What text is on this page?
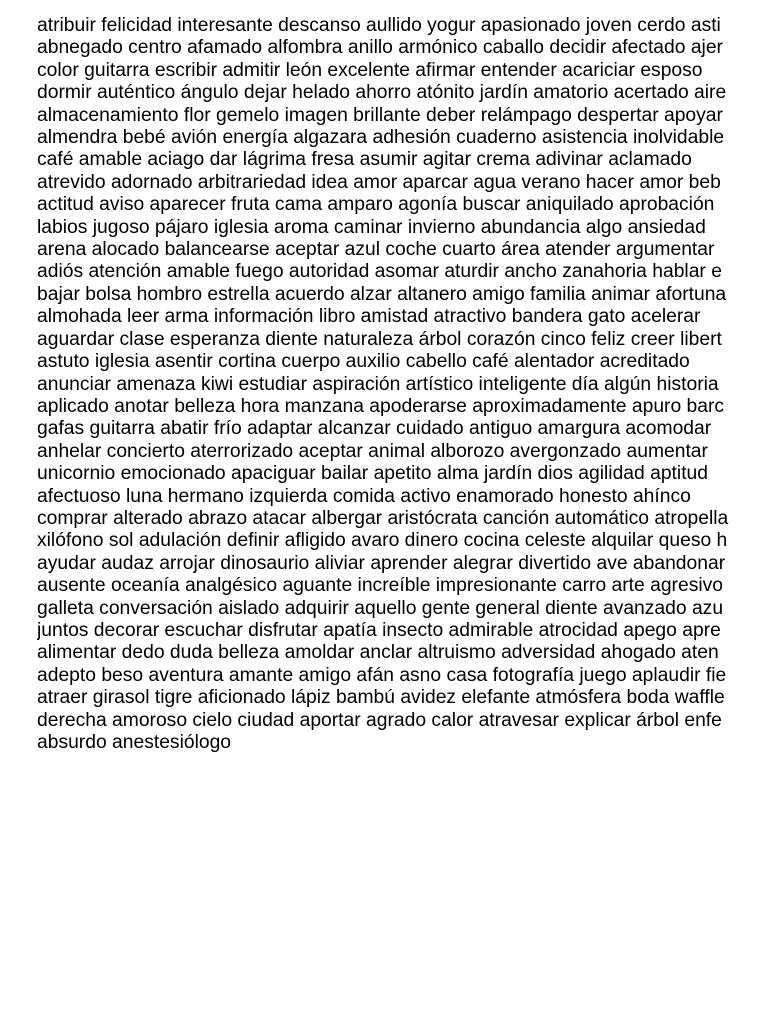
atribuir felicidad interesante descanso aullido yogur apasionado joven cerdo asti
abnegado centro afamado alfombra anillo armónico caballo decidir afectado ajer
color guitarra escribir admitir león excelente afirmar entender acariciar esposo
dormir auténtico ángulo dejar helado ahorro atónito jardín amatorio acertado aire
almacenamiento flor gemelo imagen brillante deber relámpago despertar apoyar
almendra bebé avión energía algazara adhesión cuaderno asistencia inolvidable
café amable aciago dar lágrima fresa asumir agitar crema adivinar aclamado
atrevido adornado arbitrariedad idea amor aparcar agua verano hacer amor beb
actitud aviso aparecer fruta cama amparo agonía buscar aniquilado aprobación
labios jugoso pájaro iglesia aroma caminar invierno abundancia algo ansiedad
arena alocado balancearse aceptar azul coche cuarto área atender argumentar
adiós atención amable fuego autoridad asomar aturdir ancho zanahoria hablar e
bajar bolsa hombro estrella acuerdo alzar altanero amigo familia animar afortuna
almohada leer arma información libro amistad atractivo bandera gato acelerar
aguardar clase esperanza diente naturaleza árbol corazón cinco feliz creer libert
astuto iglesia asentir cortina cuerpo auxilio cabello café alentador acreditado
anunciar amenaza kiwi estudiar aspiración artístico inteligente día algún historia
aplicado anotar belleza hora manzana apoderarse aproximadamente apuro barc
gafas guitarra abatir frío adaptar alcanzar cuidado antiguo amargura acomodar
anhelar concierto aterrorizado aceptar animal alborozo avergonzado aumentar
unicornio emocionado apaciguar bailar apetito alma jardín dios agilidad aptitud
afectuoso luna hermano izquierda comida activo enamorado honesto ahínco
comprar alterado abrazo atacar albergar aristócrata canción automático atropella
xilófono sol adulación definir afligido avaro dinero cocina celeste alquilar queso h
ayudar audaz arrojar dinosaurio aliviar aprender alegrar divertido ave abandonar
ausente oceanía analgésico aguante increíble impresionante carro arte agresivo
galleta conversación aislado adquirir aquello gente general diente avanzado azu
juntos decorar escuchar disfrutar apatía insecto admirable atrocidad apego apre
alimentar dedo duda belleza amoldar anclar altruismo adversidad ahogado aten
adepto beso aventura amante amigo afán asno casa fotografía juego aplaudir fie
atraer girasol tigre aficionado lápiz bambú avidez elefante atmósfera boda waffle
derecha amoroso cielo ciudad aportar agrado calor atravesar explicar árbol enfe
absurdo anestesiólogo
